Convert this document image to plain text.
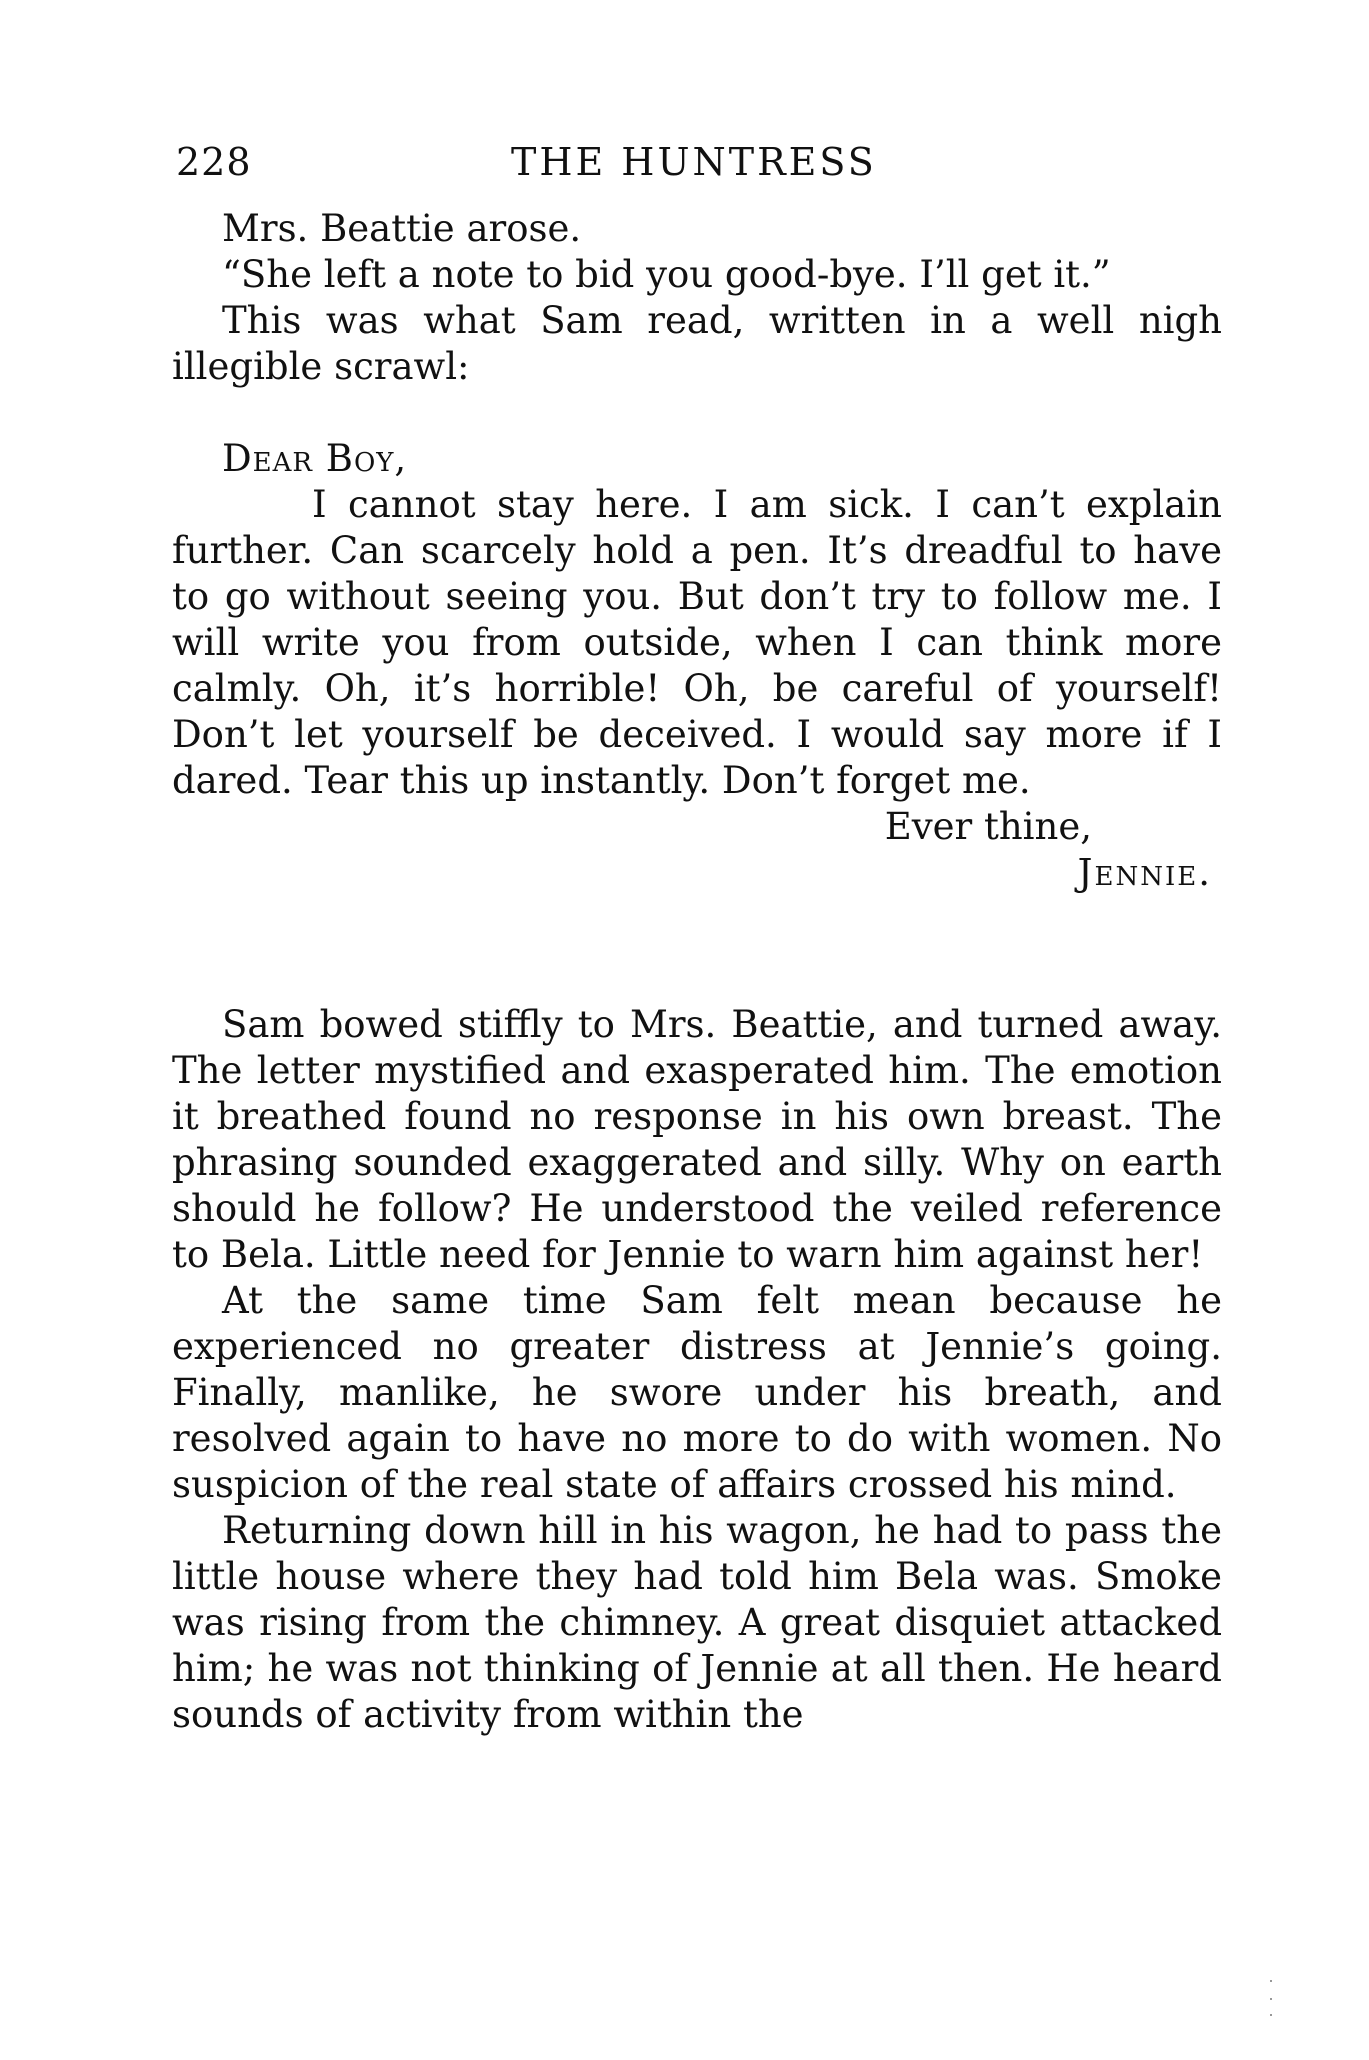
228	THE HUNTRESS

Mrs. Beattie arose.

“She left a note to bid you good-bye. I’ll get it.”

This was what Sam read, written in a well nigh illegible scrawl:

Dear Boy,

I cannot stay here. I am sick. I can’t explain further. Can scarcely hold a pen. It’s dreadful to have to go without seeing you. But don’t try to follow me. I will write you from outside, when I can think more calmly. Oh, it’s horrible! Oh, be careful of yourself! Don’t let yourself be deceived. I would say more if I dared. Tear this up instantly. Don’t forget me.

Ever thine,

Jennie.

Sam bowed stiffly to Mrs. Beattie, and turned away. The letter mystified and exasperated him. The emotion it breathed found no response in his own breast. The phrasing sounded exaggerated and silly. Why on earth should he follow? He understood the veiled reference to Bela. Little need for Jennie to warn him against her!

At the same time Sam felt mean because he experienced no greater distress at Jennie’s going. Finally, manlike, he swore under his breath, and resolved again to have no more to do with women. No suspicion of the real state of affairs crossed his mind.

Returning down hill in his wagon, he had to pass the little house where they had told him Bela was. Smoke was rising from the chimney. A great disquiet attacked him; he was not thinking of Jennie at all then. He heard sounds of activity from within the
